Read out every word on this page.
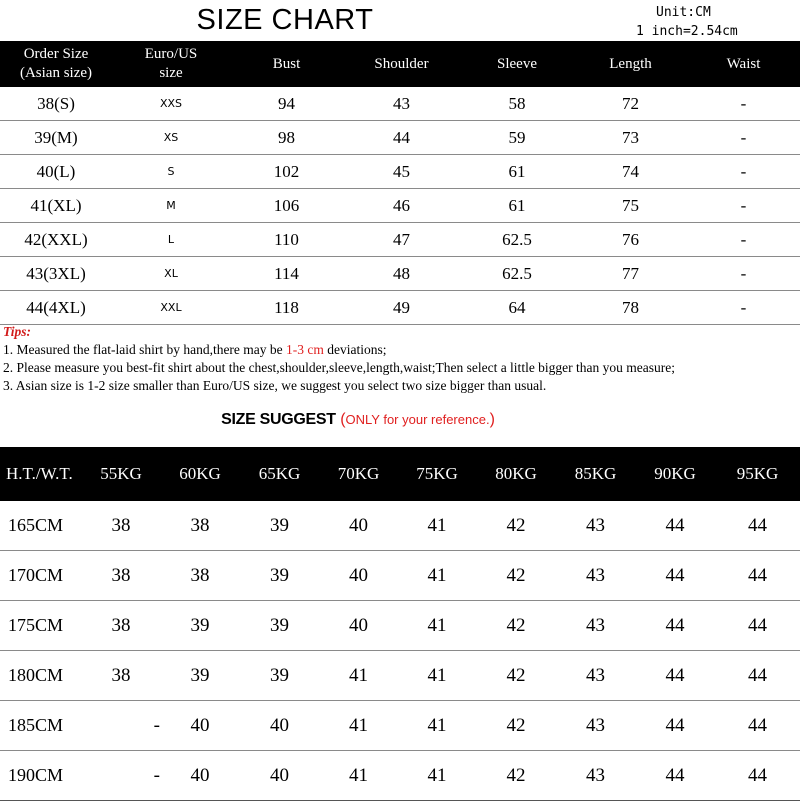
SIZE CHART	Unit:CM
1 inch=2.54cm
Order Size
(Asian size)	Euro/US
size	Bust	Shoulder	Sleeve	Length	Waist
38(S)	XXS	94	43	58	72	-
39(M)	XS	98	44	59	73	-
40(L)	S	102	45	61	74	-
41(XL)	M	106	46	61	75	-
42(XXL)	L	110	47	62.5	76	-
43(3XL)	XL	114	48	62.5	77	-
44(4XL)	XXL	118	49	64	78	-
Tips:
1. Measured the flat-laid shirt by hand,there may be 1-3 cm deviations;
2. Please measure you best-fit shirt about the chest,shoulder,sleeve,length,waist;Then select a little bigger than you measure;
3. Asian size is 1-2 size smaller than Euro/US size, we suggest you select two size bigger than usual.
SIZE SUGGEST (ONLY for your reference.)
H.T./W.T.	55KG	60KG	65KG	70KG	75KG	80KG	85KG	90KG	95KG
165CM	38	38	39	40	41	42	43	44	44
170CM	38	38	39	40	41	42	43	44	44
175CM	38	39	39	40	41	42	43	44	44
180CM	38	39	39	41	41	42	43	44	44
185CM	-	40	40	41	41	42	43	44	44
190CM	-	40	40	41	41	42	43	44	44
